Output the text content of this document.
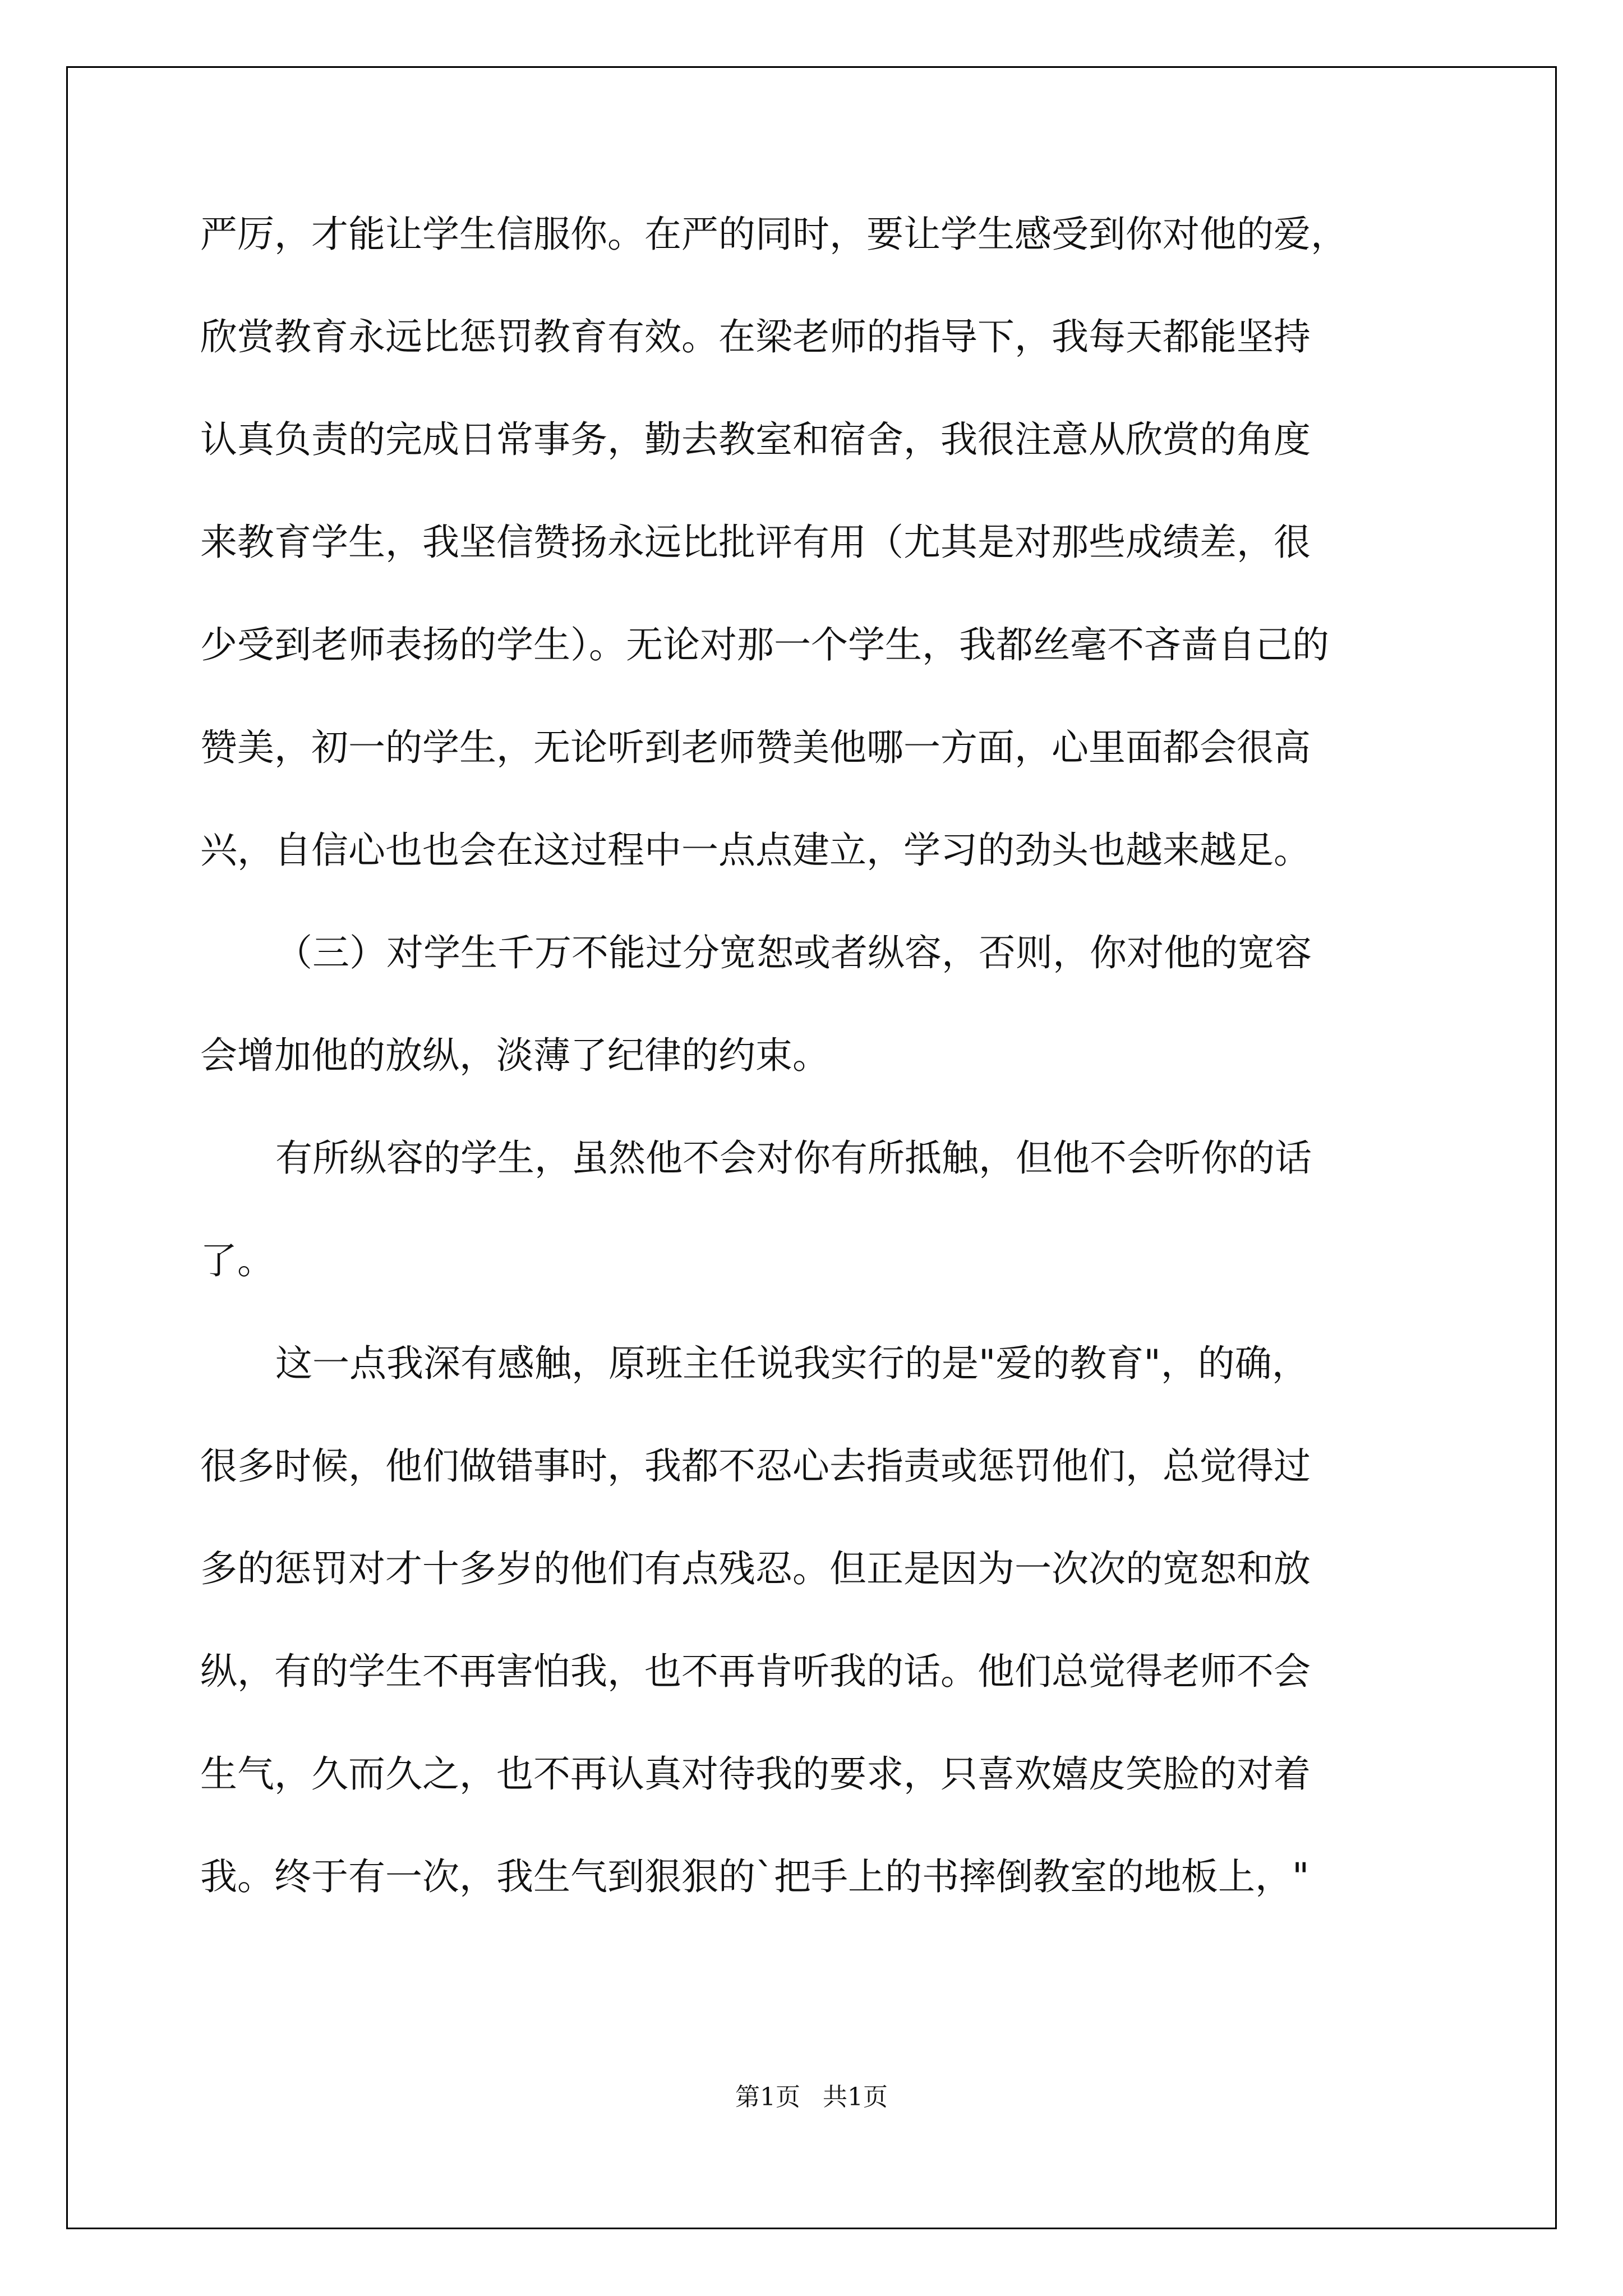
严厉，才能让学生信服你。在严的同时，要让学生感受到你对他的爱，
欣赏教育永远比惩罚教育有效。在梁老师的指导下，我每天都能坚持
认真负责的完成日常事务，勤去教室和宿舍，我很注意从欣赏的角度
来教育学生，我坚信赞扬永远比批评有用（尤其是对那些成绩差，很
少受到老师表扬的学生）。无论对那一个学生，我都丝毫不吝啬自己的
赞美，初一的学生，无论听到老师赞美他哪一方面，心里面都会很高
兴，自信心也也会在这过程中一点点建立，学习的劲头也越来越足。
（三）对学生千万不能过分宽恕或者纵容，否则，你对他的宽容
会增加他的放纵，淡薄了纪律的约束。
有所纵容的学生，虽然他不会对你有所抵触，但他不会听你的话
了。
这一点我深有感触，原班主任说我实行的是"爱的教育"，的确，
很多时候，他们做错事时，我都不忍心去指责或惩罚他们，总觉得过
多的惩罚对才十多岁的他们有点残忍。但正是因为一次次的宽恕和放
纵，有的学生不再害怕我，也不再肯听我的话。他们总觉得老师不会
生气，久而久之，也不再认真对待我的要求，只喜欢嬉皮笑脸的对着
我。终于有一次，我生气到狠狠的`把手上的书摔倒教室的地板上，"
第1页 共1页
